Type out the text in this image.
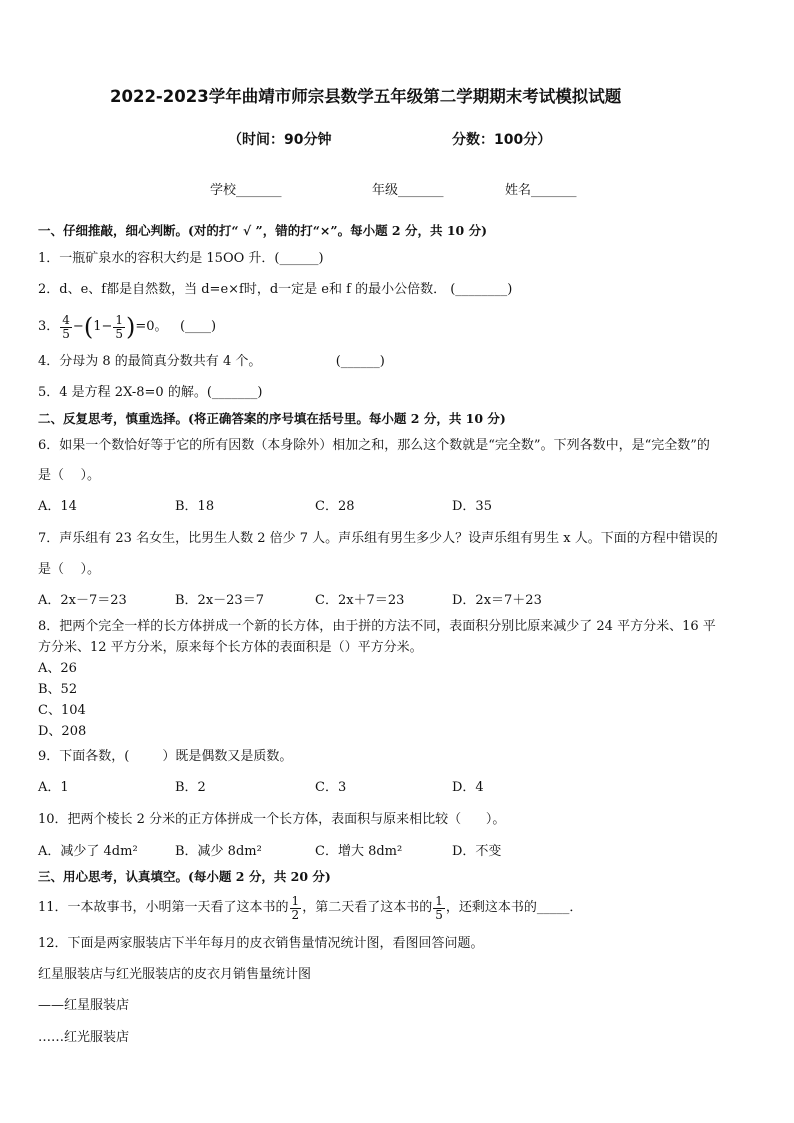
2022-2023学年曲靖市师宗县数学五年级第二学期期末考试模拟试题
（时间：90分钟	分数：100分）
学校_______	年级_______	姓名_______
一、仔细推敲，细心判断。(对的打“ √ ”，错的打“×”。每小题 2 分，共 10 分)
1．一瓶矿泉水的容积大约是 15OO 升．(______)
2．d、e、f都是自然数，当 d=e×f时，d一定是 e和 f 的最小公倍数． (________)
3． $\frac{4}{5}$ − ( $1- \frac{1}{5}$ ) =0。   (____)
4．分母为 8 的最简真分数共有 4 个。                  (______)
5．4 是方程 2X-8=0 的解。(_______)
二、反复思考，慎重选择。(将正确答案的序号填在括号里。每小题 2 分，共 10 分)
6．如果一个数恰好等于它的所有因数（本身除外）相加之和，那么这个数就是“完全数”。下列各数中，是“完全数”的
是（    ）。
A．14	B．18	C．28	D．35
7．声乐组有 23 名女生，比男生人数 2 倍少 7 人。声乐组有男生多少人？设声乐组有男生 x 人。下面的方程中错误的
是（    ）。
A．2x－7＝23	B．2x－23＝7	C．2x＋7＝23	D．2x＝7＋23
8．把两个完全一样的长方体拼成一个新的长方体，由于拼的方法不同，表面积分别比原来减少了 24 平方分米、16 平
方分米、12 平方分米，原来每个长方体的表面积是（）平方分米。
A、26
B、52
C、104
D、208
9．下面各数，(        ）既是偶数又是质数。
A．1	B．2	C．3	D．4
10．把两个棱长 2 分米的正方体拼成一个长方体，表面积与原来相比较（      ）。
A．减少了 4dm²	B．减少 8dm²	C．增大 8dm²	D．不变
三、用心思考，认真填空。(每小题 2 分，共 20 分)
11．一本故事书，小明第一天看了这本书的 $\frac{1}{2}$ ，第二天看了这本书的 $\frac{1}{5}$ ，还剩这本书的_____．
12．下面是两家服装店下半年每月的皮衣销售量情况统计图，看图回答问题。
红星服装店与红光服装店的皮衣月销售量统计图
——红星服装店
……红光服装店
